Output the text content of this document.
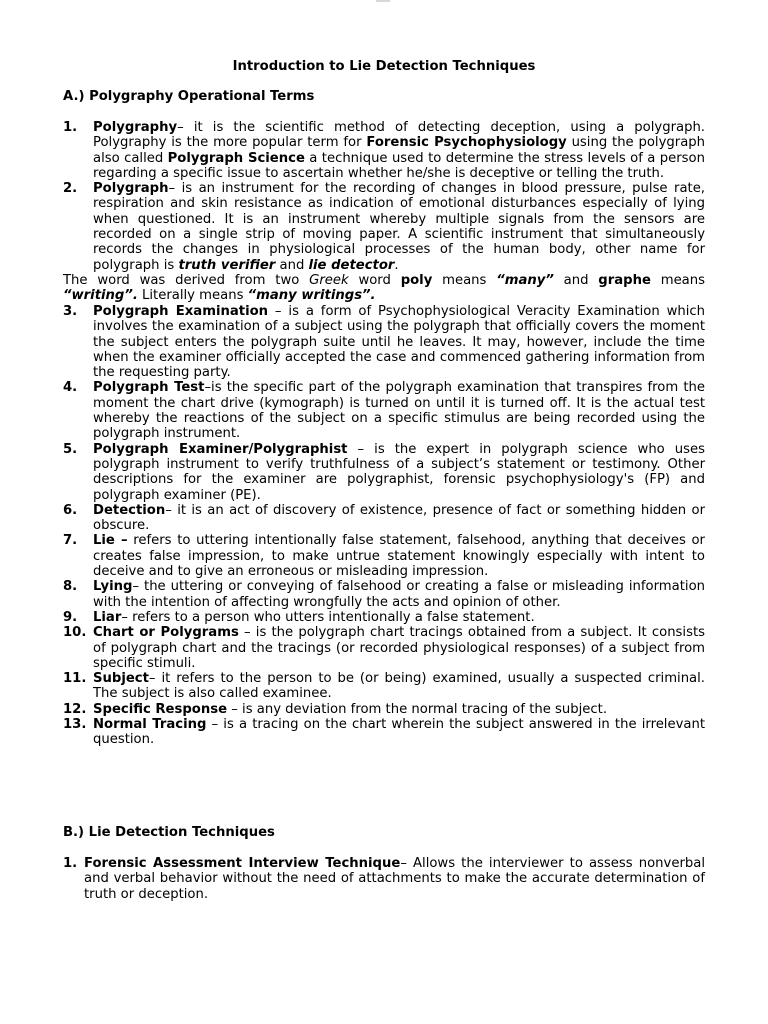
Introduction to Lie Detection Techniques
A.) Polygraphy Operational Terms
1. Polygraphy– it is the scientific method of detecting deception, using a polygraph. Polygraphy is the more popular term for Forensic Psychophysiology using the polygraph also called Polygraph Science a technique used to determine the stress levels of a person regarding a specific issue to ascertain whether he/she is deceptive or telling the truth.
2. Polygraph– is an instrument for the recording of changes in blood pressure, pulse rate, respiration and skin resistance as indication of emotional disturbances especially of lying when questioned. It is an instrument whereby multiple signals from the sensors are recorded on a single strip of moving paper. A scientific instrument that simultaneously records the changes in physiological processes of the human body, other name for polygraph is truth verifier and lie detector.
The word was derived from two Greek word poly means “many” and graphe means “writing”. Literally means “many writings”.
3. Polygraph Examination – is a form of Psychophysiological Veracity Examination which involves the examination of a subject using the polygraph that officially covers the moment the subject enters the polygraph suite until he leaves. It may, however, include the time when the examiner officially accepted the case and commenced gathering information from the requesting party.
4. Polygraph Test–is the specific part of the polygraph examination that transpires from the moment the chart drive (kymograph) is turned on until it is turned off. It is the actual test whereby the reactions of the subject on a specific stimulus are being recorded using the polygraph instrument.
5. Polygraph Examiner/Polygraphist – is the expert in polygraph science who uses polygraph instrument to verify truthfulness of a subject’s statement or testimony. Other descriptions for the examiner are polygraphist, forensic psychophysiology's (FP) and polygraph examiner (PE).
6. Detection– it is an act of discovery of existence, presence of fact or something hidden or obscure.
7. Lie – refers to uttering intentionally false statement, falsehood, anything that deceives or creates false impression, to make untrue statement knowingly especially with intent to deceive and to give an erroneous or misleading impression.
8. Lying– the uttering or conveying of falsehood or creating a false or misleading information with the intention of affecting wrongfully the acts and opinion of other.
9. Liar– refers to a person who utters intentionally a false statement.
10. Chart or Polygrams – is the polygraph chart tracings obtained from a subject. It consists of polygraph chart and the tracings (or recorded physiological responses) of a subject from specific stimuli.
11. Subject– it refers to the person to be (or being) examined, usually a suspected criminal. The subject is also called examinee.
12. Specific Response – is any deviation from the normal tracing of the subject.
13. Normal Tracing – is a tracing on the chart wherein the subject answered in the irrelevant question.
B.) Lie Detection Techniques
1. Forensic Assessment Interview Technique– Allows the interviewer to assess nonverbal and verbal behavior without the need of attachments to make the accurate determination of truth or deception.
